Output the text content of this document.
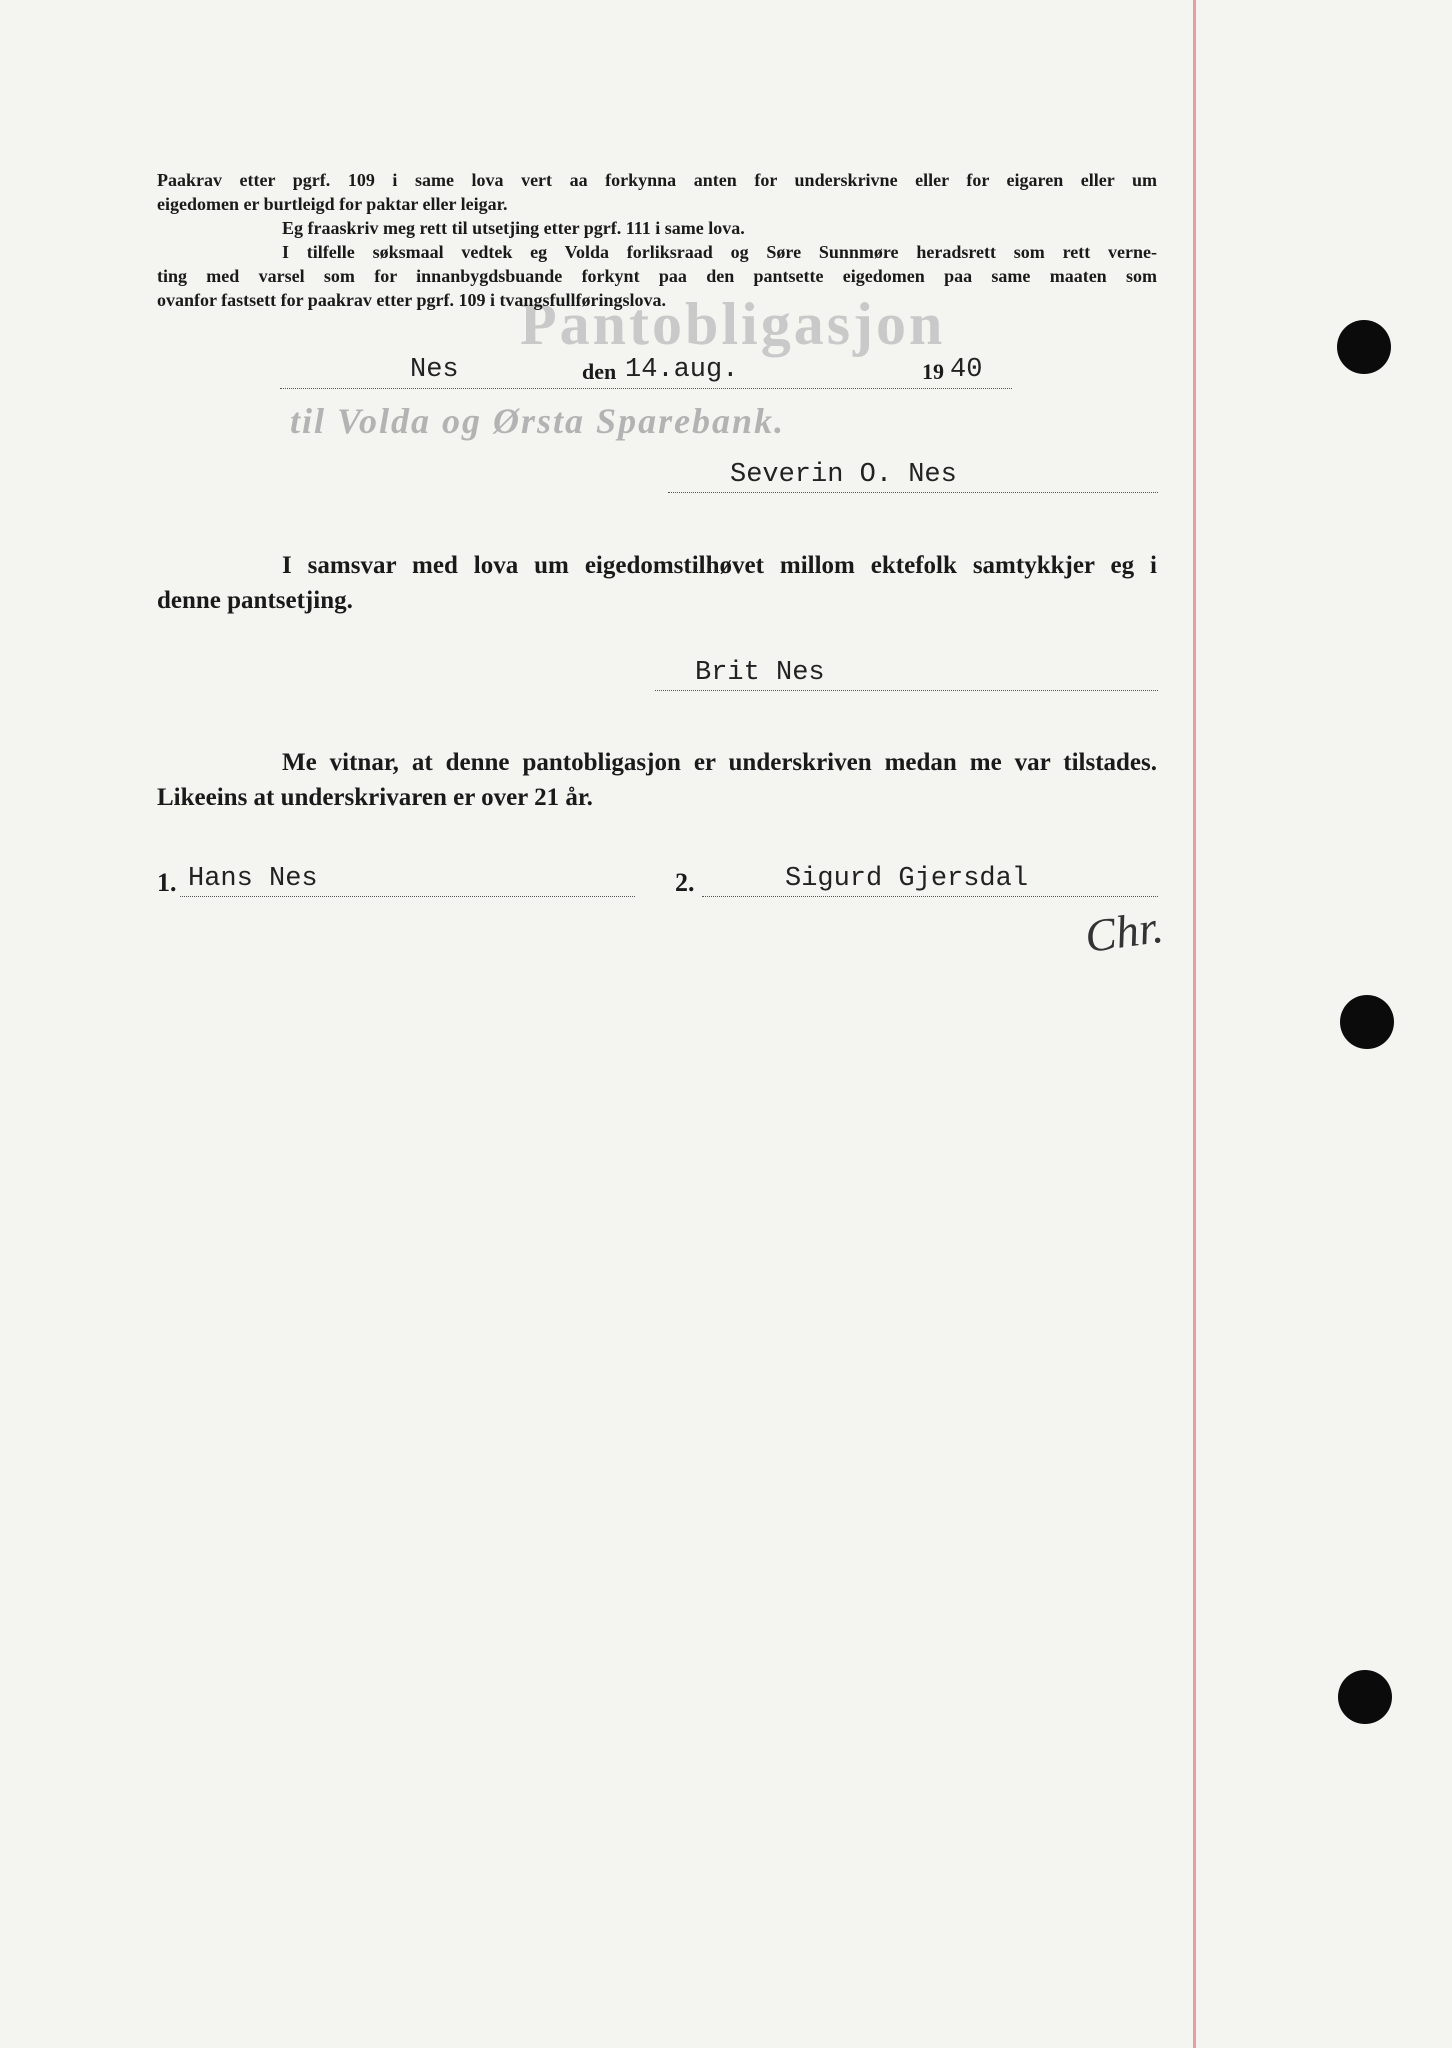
Pantobligasjon
til Volda og Ørsta Sparebank.

Paakrav etter pgrf. 109 i same lova vert aa forkynna anten for underskrivne eller for eigaren eller um

eigedomen er burtleigd for paktar eller leigar.

Eg fraaskriv meg rett til utsetjing etter pgrf. 111 i same lova.

I tilfelle søksmaal vedtek eg Volda forliksraad og Søre Sunnmøre heradsrett som rett verne-

ting med varsel som for innanbygdsbuande forkynt paa den pantsette eigedomen paa same maaten som

ovanfor fastsett for paakrav etter pgrf. 109 i tvangsfullføringslova.

Nes	den 14.aug.	19 40
Severin O. Nes

I samsvar med lova um eigedomstilhøvet millom ektefolk samtykkjer eg i

denne pantsetjing.

Brit Nes

Me vitnar, at denne pantobligasjon er underskriven medan me var tilstades.

Likeeins at underskrivaren er over 21 år.

1. Hans Nes	2.	Sigurd Gjersdal
Chr.
